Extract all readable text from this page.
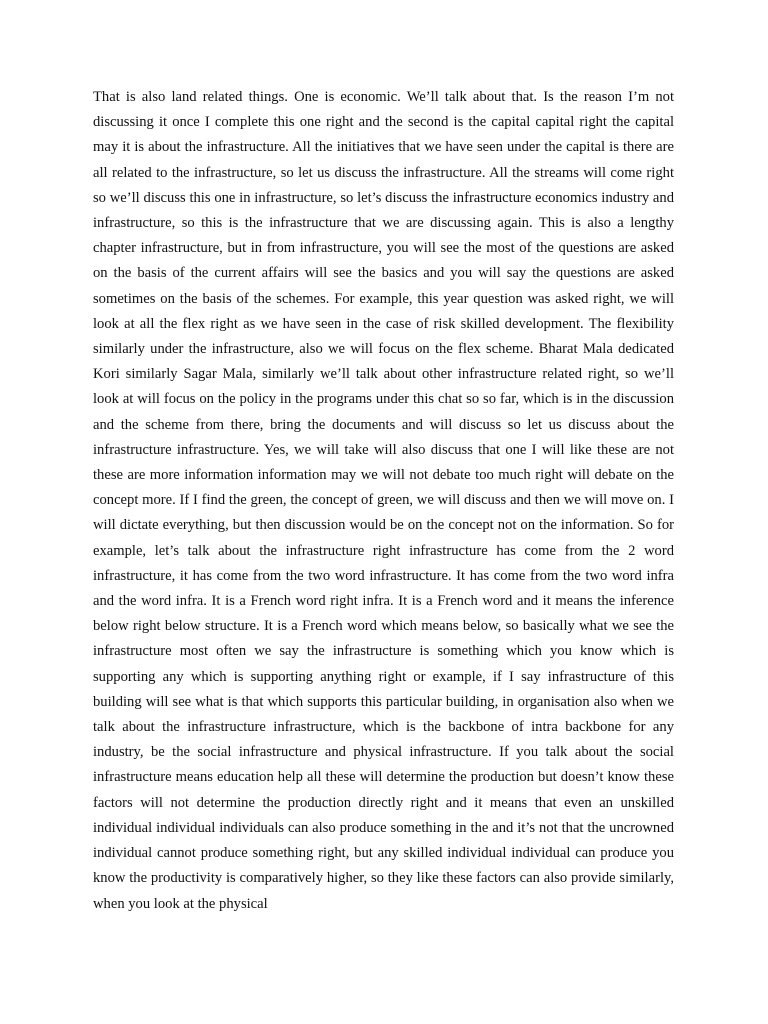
That is also land related things. One is economic. We’ll talk about that. Is the reason I’m not discussing it once I complete this one right and the second is the capital capital right the capital may it is about the infrastructure. All the initiatives that we have seen under the capital is there are all related to the infrastructure, so let us discuss the infrastructure. All the streams will come right so we’ll discuss this one in infrastructure, so let’s discuss the infrastructure economics industry and infrastructure, so this is the infrastructure that we are discussing again. This is also a lengthy chapter infrastructure, but in from infrastructure, you will see the most of the questions are asked on the basis of the current affairs will see the basics and you will say the questions are asked sometimes on the basis of the schemes. For example, this year question was asked right, we will look at all the flex right as we have seen in the case of risk skilled development. The flexibility similarly under the infrastructure, also we will focus on the flex scheme. Bharat Mala dedicated Kori similarly Sagar Mala, similarly we’ll talk about other infrastructure related right, so we’ll look at will focus on the policy in the programs under this chat so so far, which is in the discussion and the scheme from there, bring the documents and will discuss so let us discuss about the infrastructure infrastructure. Yes, we will take will also discuss that one I will like these are not these are more information information may we will not debate too much right will debate on the concept more. If I find the green, the concept of green, we will discuss and then we will move on. I will dictate everything, but then discussion would be on the concept not on the information. So for example, let’s talk about the infrastructure right infrastructure has come from the 2 word infrastructure, it has come from the two word infrastructure. It has come from the two word infra and the word infra. It is a French word right infra. It is a French word and it means the inference below right below structure. It is a French word which means below, so basically what we see the infrastructure most often we say the infrastructure is something which you know which is supporting any which is supporting anything right or example, if I say infrastructure of this building will see what is that which supports this particular building, in organisation also when we talk about the infrastructure infrastructure, which is the backbone of intra backbone for any industry, be the social infrastructure and physical infrastructure. If you talk about the social infrastructure means education help all these will determine the production but doesn’t know these factors will not determine the production directly right and it means that even an unskilled individual individual individuals can also produce something in the and it’s not that the uncrowned individual cannot produce something right, but any skilled individual individual can produce you know the productivity is comparatively higher, so they like these factors can also provide similarly, when you look at the physical
